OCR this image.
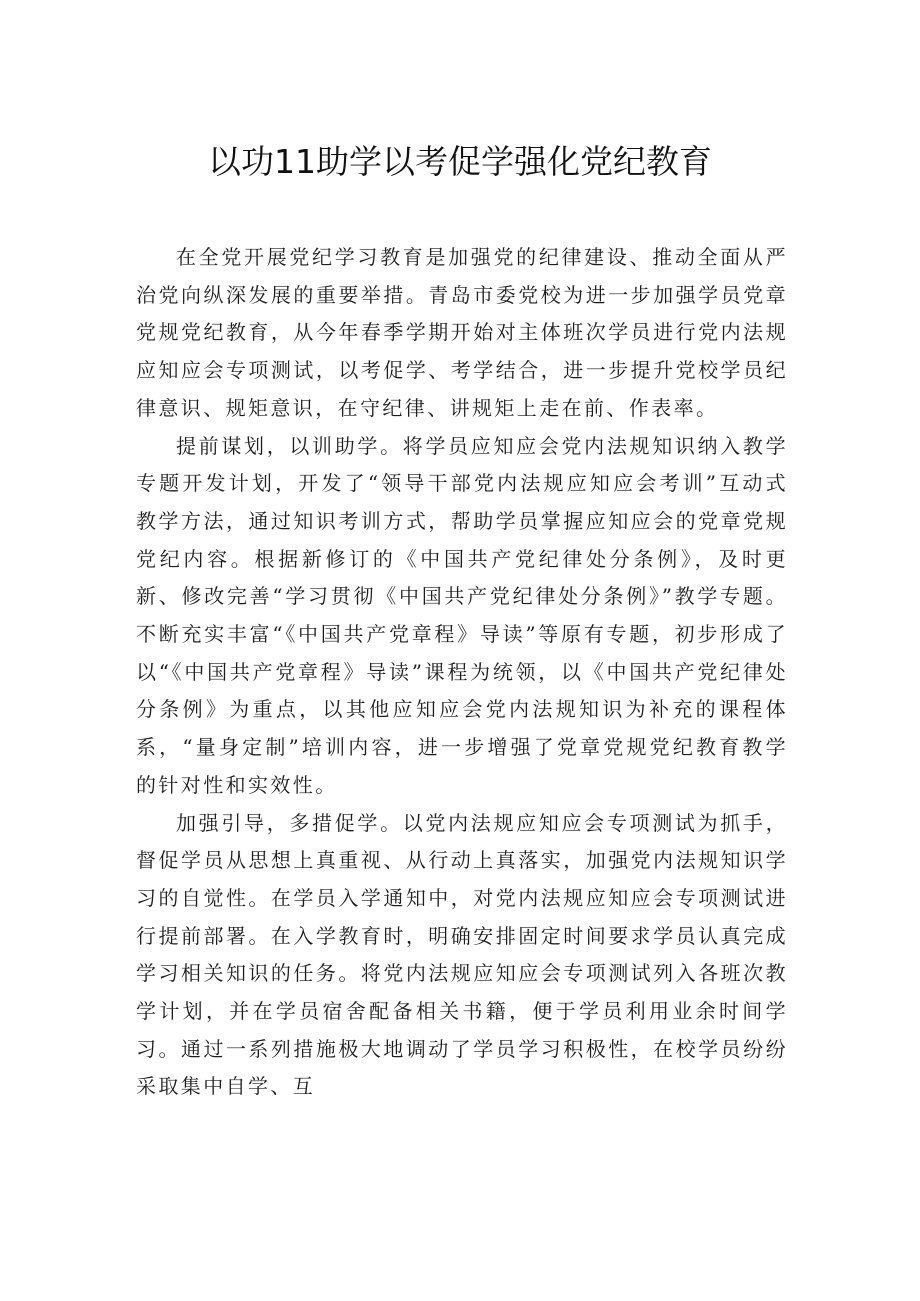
以功11助学以考促学强化党纪教育

在全党开展党纪学习教育是加强党的纪律建设、推动全面从严治党向纵深发展的重要举措。青岛市委党校为进一步加强学员党章党规党纪教育，从今年春季学期开始对主体班次学员进行党内法规应知应会专项测试，以考促学、考学结合，进一步提升党校学员纪律意识、规矩意识，在守纪律、讲规矩上走在前、作表率。

提前谋划，以训助学。将学员应知应会党内法规知识纳入教学专题开发计划，开发了“领导干部党内法规应知应会考训”互动式教学方法，通过知识考训方式，帮助学员掌握应知应会的党章党规党纪内容。根据新修订的《中国共产党纪律处分条例》，及时更新、修改完善“学习贯彻《中国共产党纪律处分条例》”教学专题。不断充实丰富“《中国共产党章程》导读”等原有专题，初步形成了以“《中国共产党章程》导读”课程为统领，以《中国共产党纪律处分条例》为重点，以其他应知应会党内法规知识为补充的课程体系，“量身定制”培训内容，进一步增强了党章党规党纪教育教学的针对性和实效性。

加强引导，多措促学。以党内法规应知应会专项测试为抓手，督促学员从思想上真重视、从行动上真落实，加强党内法规知识学习的自觉性。在学员入学通知中，对党内法规应知应会专项测试进行提前部署。在入学教育时，明确安排固定时间要求学员认真完成学习相关知识的任务。将党内法规应知应会专项测试列入各班次教学计划，并在学员宿舍配备相关书籍，便于学员利用业余时间学习。通过一系列措施极大地调动了学员学习积极性，在校学员纷纷采取集中自学、互
